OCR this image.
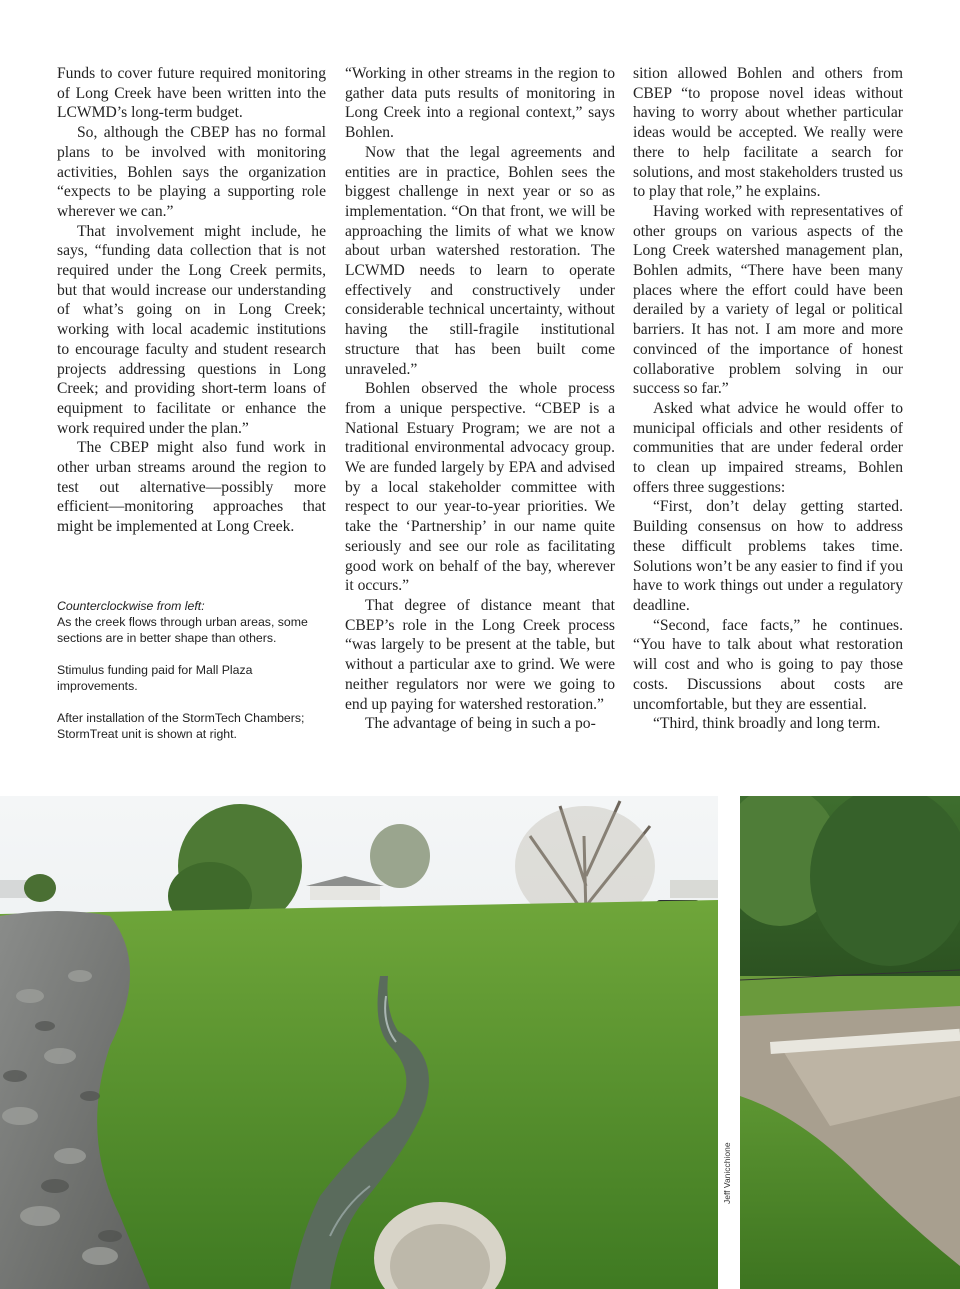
Funds to cover future required monitoring of Long Creek have been written into the LCWMD’s long-term budget.

So, although the CBEP has no formal plans to be involved with monitoring activities, Bohlen says the organization “expects to be playing a supporting role wherever we can.”

That involvement might include, he says, “funding data collection that is not required under the Long Creek permits, but that would increase our understanding of what’s going on in Long Creek; working with local academic institutions to encourage faculty and student research projects addressing questions in Long Creek; and providing short-term loans of equipment to facilitate or enhance the work required under the plan.”

The CBEP might also fund work in other urban streams around the region to test out alternative—possibly more efficient—monitoring approaches that might be implemented at Long Creek.

Counterclockwise from left:
As the creek flows through urban areas, some sections are in better shape than others.
Stimulus funding paid for Mall Plaza improvements.
After installation of the StormTech Chambers; StormTreat unit is shown at right.

“Working in other streams in the region to gather data puts results of monitoring in Long Creek into a regional context,” says Bohlen.

Now that the legal agreements and entities are in practice, Bohlen sees the biggest challenge in next year or so as implementation. “On that front, we will be approaching the limits of what we know about urban watershed restoration. The LCWMD needs to learn to operate effectively and constructively under considerable technical uncertainty, without having the still-fragile institutional structure that has been built come unraveled.”

Bohlen observed the whole process from a unique perspective. “CBEP is a National Estuary Program; we are not a traditional environmental advocacy group. We are funded largely by EPA and advised by a local stakeholder committee with respect to our year-to-year priorities. We take the ‘Partnership’ in our name quite seriously and see our role as facilitating good work on behalf of the bay, wherever it occurs.”

That degree of distance meant that CBEP’s role in the Long Creek process “was largely to be present at the table, but without a particular axe to grind. We were neither regulators nor were we going to end up paying for watershed restoration.”

The advantage of being in such a po-

sition allowed Bohlen and others from CBEP “to propose novel ideas without having to worry about whether particular ideas would be accepted. We really were there to help facilitate a search for solutions, and most stakeholders trusted us to play that role,” he explains.

Having worked with representatives of other groups on various aspects of the Long Creek watershed management plan, Bohlen admits, “There have been many places where the effort could have been derailed by a variety of legal or political barriers. It has not. I am more and more convinced of the importance of honest collaborative problem solving in our success so far.”

Asked what advice he would offer to municipal officials and other residents of communities that are under federal order to clean up impaired streams, Bohlen offers three suggestions:

“First, don’t delay getting started. Building consensus on how to address these difficult problems takes time. Solutions won’t be any easier to find if you have to work things out under a regulatory deadline.

“Second, face facts,” he continues. “You have to talk about what restoration will cost and who is going to pay those costs. Discussions about costs are uncomfortable, but they are essential.

“Third, think broadly and long term.

Jeff Vanicchione
